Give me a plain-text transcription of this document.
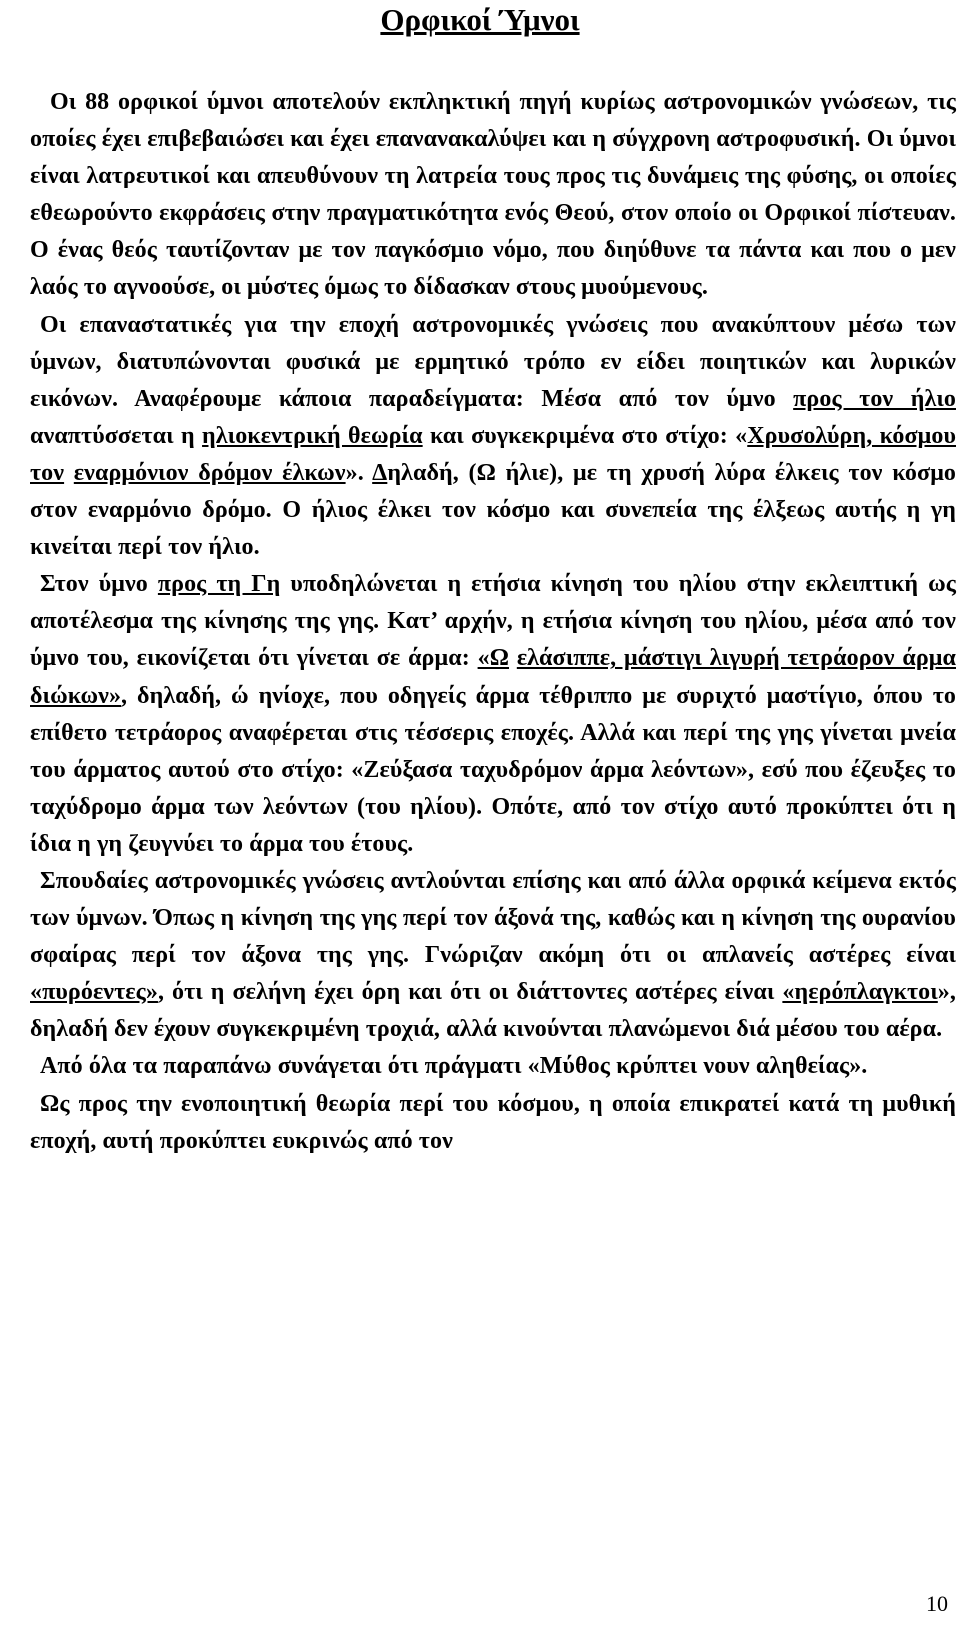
Ορφικοί Ύμνοι

Οι 88 ορφικοί ύμνοι αποτελούν εκπληκτική πηγή κυρίως αστρονομικών γνώσεων, τις οποίες έχει επιβεβαιώσει και έχει επανανακαλύψει και η σύγχρονη αστροφυσική. Οι ύμνοι είναι λατρευτικοί και απευθύνουν τη λατρεία τους προς τις δυνάμεις της φύσης, οι οποίες εθεωρούντο εκφράσεις στην πραγματικότητα ενός Θεού, στον οποίο οι Ορφικοί πίστευαν. Ο ένας θεός ταυτίζονταν με τον παγκόσμιο νόμο, που διηύθυνε τα πάντα και που ο μεν λαός το αγνοούσε, οι μύστες όμως το δίδασκαν στους μυούμενους.

Οι επαναστατικές για την εποχή αστρονομικές γνώσεις που ανακύπτουν μέσω των ύμνων, διατυπώνονται φυσικά με ερμητικό τρόπο εν είδει ποιητικών και λυρικών εικόνων. Αναφέρουμε κάποια παραδείγματα: Μέσα από τον ύμνο προς τον ήλιο αναπτύσσεται η ηλιοκεντρική θεωρία και συγκεκριμένα στο στίχο: «Χρυσολύρη, κόσμου τον εναρμόνιον δρόμον έλκων». Δηλαδή, (Ω ήλιε), με τη χρυσή λύρα έλκεις τον κόσμο στον εναρμόνιο δρόμο. Ο ήλιος έλκει τον κόσμο και συνεπεία της έλξεως αυτής η γη κινείται περί τον ήλιο.

Στον ύμνο προς τη Γη υποδηλώνεται η ετήσια κίνηση του ηλίου στην εκλειπτική ως αποτέλεσμα της κίνησης της γης. Κατ’ αρχήν, η ετήσια κίνηση του ηλίου, μέσα από τον ύμνο του, εικονίζεται ότι γίνεται σε άρμα: «Ω ελάσιππε, μάστιγι λιγυρή τετράορον άρμα διώκων», δηλαδή, ώ ηνίοχε, που οδηγείς άρμα τέθριππο με συριχτό μαστίγιο, όπου το επίθετο τετράορος αναφέρεται στις τέσσερις εποχές. Αλλά και περί της γης γίνεται μνεία του άρματος αυτού στο στίχο: «Ζεύξασα ταχυδρόμον άρμα λεόντων», εσύ που έζευξες το ταχύδρομο άρμα των λεόντων (του ηλίου). Οπότε, από τον στίχο αυτό προκύπτει ότι η ίδια η γη ζευγνύει το άρμα του έτους.

Σπουδαίες αστρονομικές γνώσεις αντλούνται επίσης και από άλλα ορφικά κείμενα εκτός των ύμνων. Όπως η κίνηση της γης περί τον άξονά της, καθώς και η κίνηση της ουρανίου σφαίρας περί τον άξονα της γης. Γνώριζαν ακόμη ότι οι απλανείς αστέρες είναι «πυρόεντες», ότι η σελήνη έχει όρη και ότι οι διάττοντες αστέρες είναι «ηερόπλαγκτοι», δηλαδή δεν έχουν συγκεκριμένη τροχιά, αλλά κινούνται πλανώμενοι διά μέσου του αέρα.

Από όλα τα παραπάνω συνάγεται ότι πράγματι «Μύθος κρύπτει νουν αληθείας».

Ως προς την ενοποιητική θεωρία περί του κόσμου, η οποία επικρατεί κατά τη μυθική εποχή, αυτή προκύπτει ευκρινώς από τον

10
